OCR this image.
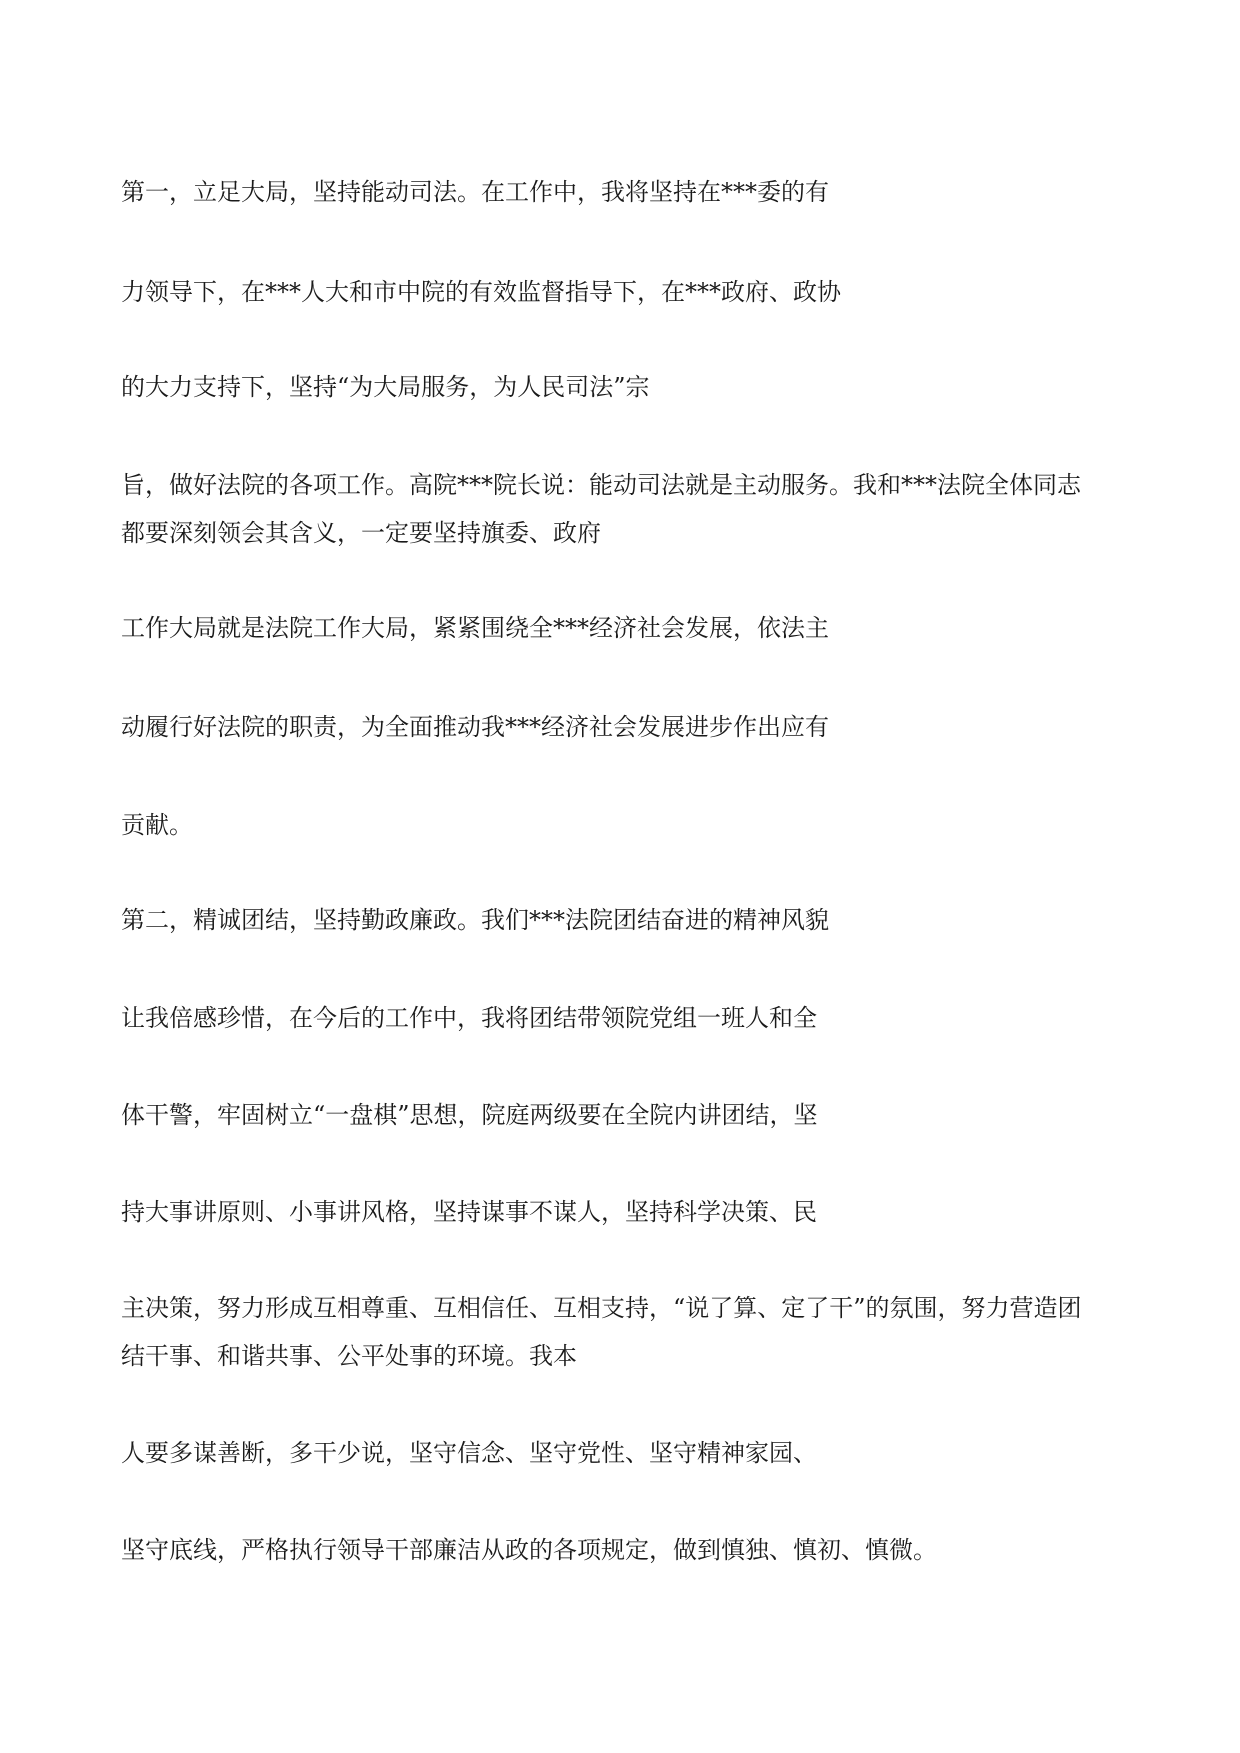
第一，立足大局，坚持能动司法。在工作中，我将坚持在***委的有
力领导下，在***人大和市中院的有效监督指导下，在***政府、政协
的大力支持下，坚持“为大局服务，为人民司法”宗
旨，做好法院的各项工作。高院***院长说：能动司法就是主动服务。我和***法院全体同志
都要深刻领会其含义，一定要坚持旗委、政府
工作大局就是法院工作大局，紧紧围绕全***经济社会发展，依法主
动履行好法院的职责，为全面推动我***经济社会发展进步作出应有
贡献。
第二，精诚团结，坚持勤政廉政。我们***法院团结奋进的精神风貌
让我倍感珍惜，在今后的工作中，我将团结带领院党组一班人和全
体干警，牢固树立“一盘棋”思想，院庭两级要在全院内讲团结，坚
持大事讲原则、小事讲风格，坚持谋事不谋人，坚持科学决策、民
主决策，努力形成互相尊重、互相信任、互相支持，“说了算、定了干”的氛围，努力营造团
结干事、和谐共事、公平处事的环境。我本
人要多谋善断，多干少说，坚守信念、坚守党性、坚守精神家园、
坚守底线，严格执行领导干部廉洁从政的各项规定，做到慎独、慎初、慎微。
